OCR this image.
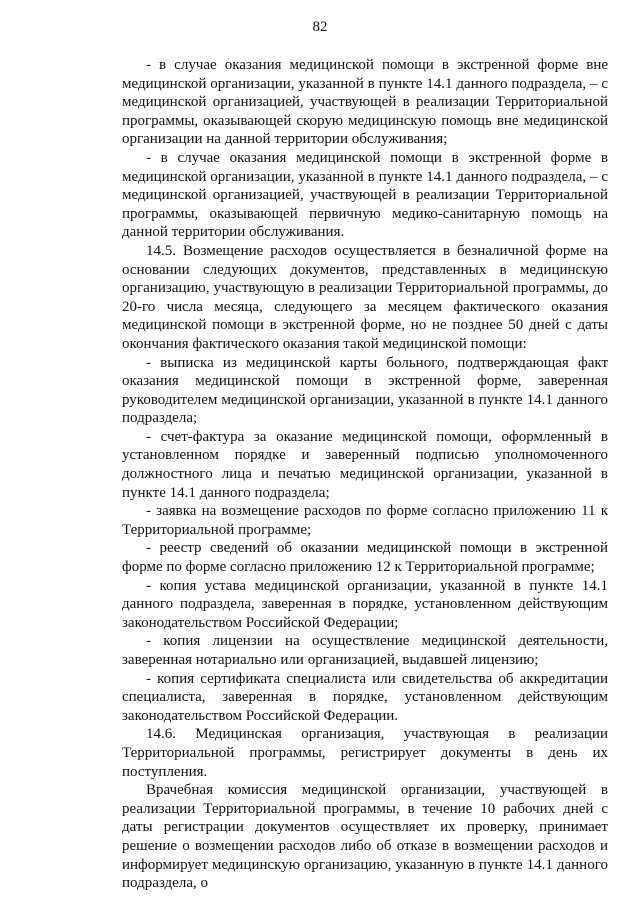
82

- в случае оказания медицинской помощи в экстренной форме вне медицинской организации, указанной в пункте 14.1 данного подраздела, – с медицинской организацией, участвующей в реализации Территориальной программы, оказывающей скорую медицинскую помощь вне медицинской организации на данной территории обслуживания;

- в случае оказания медицинской помощи в экстренной форме в медицинской организации, указанной в пункте 14.1 данного подраздела, – с медицинской организацией, участвующей в реализации Территориальной программы, оказывающей первичную медико-санитарную помощь на данной территории обслуживания.

14.5. Возмещение расходов осуществляется в безналичной форме на основании следующих документов, представленных в медицинскую организацию, участвующую в реализации Территориальной программы, до 20-го числа месяца, следующего за месяцем фактического оказания медицинской помощи в экстренной форме, но не позднее 50 дней с даты окончания фактического оказания такой медицинской помощи:

- выписка из медицинской карты больного, подтверждающая факт оказания медицинской помощи в экстренной форме, заверенная руководителем медицинской организации, указанной в пункте 14.1 данного подраздела;

- счет-фактура за оказание медицинской помощи, оформленный в установленном порядке и заверенный подписью уполномоченного должностного лица и печатью медицинской организации, указанной в пункте 14.1 данного подраздела;

- заявка на возмещение расходов по форме согласно приложению 11 к Территориальной программе;

- реестр сведений об оказании медицинской помощи в экстренной форме по форме согласно приложению 12 к Территориальной программе;

- копия устава медицинской организации, указанной в пункте 14.1 данного подраздела, заверенная в порядке, установленном действующим законодательством Российской Федерации;

- копия лицензии на осуществление медицинской деятельности, заверенная нотариально или организацией, выдавшей лицензию;

- копия сертификата специалиста или свидетельства об аккредитации специалиста, заверенная в порядке, установленном действующим законодательством Российской Федерации.

14.6. Медицинская организация, участвующая в реализации Территориальной программы, регистрирует документы в день их поступления.

Врачебная комиссия медицинской организации, участвующей в реализации Территориальной программы, в течение 10 рабочих дней с даты регистрации документов осуществляет их проверку, принимает решение о возмещении расходов либо об отказе в возмещении расходов и информирует медицинскую организацию, указанную в пункте 14.1 данного подраздела, о
